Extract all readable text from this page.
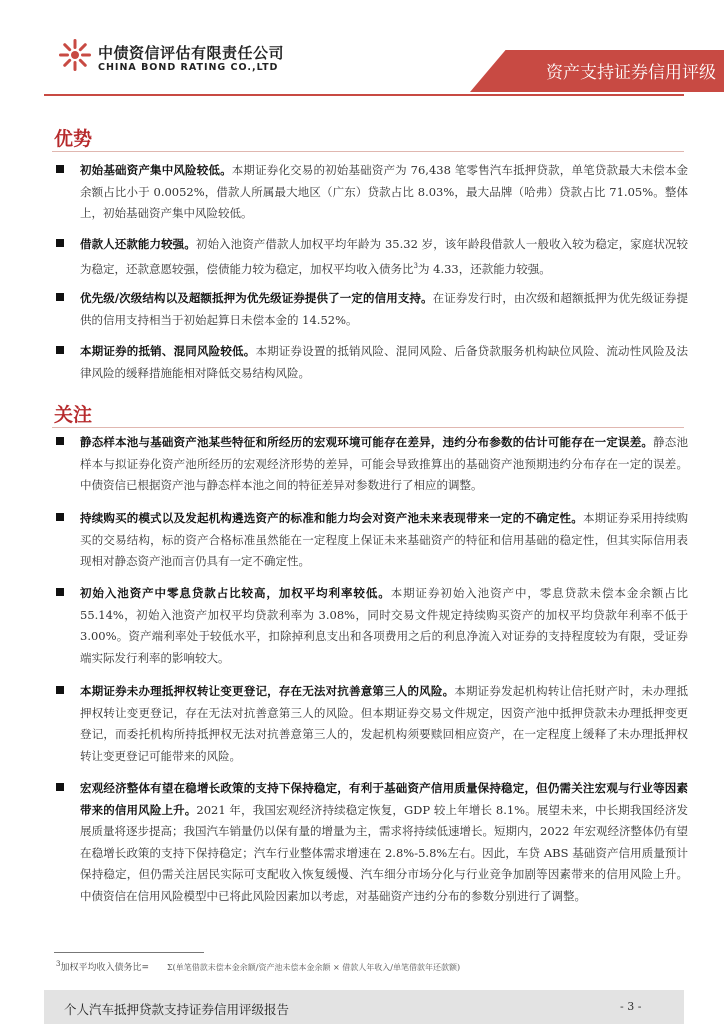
中债资信评估有限责任公司
CHINA BOND RATING CO.,LTD	资产支持证券信用评级
优势

初始基础资产集中风险较低。本期证券化交易的初始基础资产为 76,438 笔零售汽车抵押贷款，单笔贷款最大未偿本金余额占比小于 0.0052%，借款人所属最大地区（广东）贷款占比 8.03%，最大品牌（哈弗）贷款占比 71.05%。整体上，初始基础资产集中风险较低。

借款人还款能力较强。初始入池资产借款人加权平均年龄为 35.32 岁，该年龄段借款人一般收入较为稳定，家庭状况较为稳定，还款意愿较强，偿债能力较为稳定，加权平均收入债务比$^3$为 4.33，还款能力较强。

优先级/次级结构以及超额抵押为优先级证券提供了一定的信用支持。在证券发行时，由次级和超额抵押为优先级证券提供的信用支持相当于初始起算日未偿本金的 14.52%。

本期证券的抵销、混同风险较低。本期证券设置的抵销风险、混同风险、后备贷款服务机构缺位风险、流动性风险及法律风险的缓释措施能相对降低交易结构风险。

关注

静态样本池与基础资产池某些特征和所经历的宏观环境可能存在差异，违约分布参数的估计可能存在一定误差。静态池样本与拟证券化资产池所经历的宏观经济形势的差异，可能会导致推算出的基础资产池预期违约分布存在一定的误差。中债资信已根据资产池与静态样本池之间的特征差异对参数进行了相应的调整。

持续购买的模式以及发起机构遴选资产的标准和能力均会对资产池未来表现带来一定的不确定性。本期证券采用持续购买的交易结构，标的资产合格标准虽然能在一定程度上保证未来基础资产的特征和信用基础的稳定性，但其实际信用表现相对静态资产池而言仍具有一定不确定性。

初始入池资产中零息贷款占比较高，加权平均利率较低。本期证券初始入池资产中，零息贷款未偿本金余额占比 55.14%，初始入池资产加权平均贷款利率为 3.08%，同时交易文件规定持续购买资产的加权平均贷款年利率不低于 3.00%。资产端利率处于较低水平，扣除掉利息支出和各项费用之后的利息净流入对证券的支持程度较为有限，受证券端实际发行利率的影响较大。

本期证券未办理抵押权转让变更登记，存在无法对抗善意第三人的风险。本期证券发起机构转让信托财产时，未办理抵押权转让变更登记，存在无法对抗善意第三人的风险。但本期证券交易文件规定，因资产池中抵押贷款未办理抵押变更登记，而委托机构所持抵押权无法对抗善意第三人的，发起机构须要赎回相应资产，在一定程度上缓释了未办理抵押权转让变更登记可能带来的风险。

宏观经济整体有望在稳增长政策的支持下保持稳定，有利于基础资产信用质量保持稳定，但仍需关注宏观与行业等因素带来的信用风险上升。2021 年，我国宏观经济持续稳定恢复，GDP 较上年增长 8.1%。展望未来，中长期我国经济发展质量将逐步提高；我国汽车销量仍以保有量的增量为主，需求将持续低速增长。短期内，2022 年宏观经济整体仍有望在稳增长政策的支持下保持稳定；汽车行业整体需求增速在 2.8%-5.8%左右。因此，车贷 ABS 基础资产信用质量预计保持稳定，但仍需关注居民实际可支配收入恢复缓慢、汽车细分市场分化与行业竞争加剧等因素带来的信用风险上升。中债资信在信用风险模型中已将此风险因素加以考虑，对基础资产违约分布的参数分别进行了调整。

$^3$加权平均收入债务比= Σ(单笔借款未偿本金余额/资产池未偿本金余额 × 借款人年收入/单笔借款年还款额)
个人汽车抵押贷款支持证券信用评级报告	- 3 -
